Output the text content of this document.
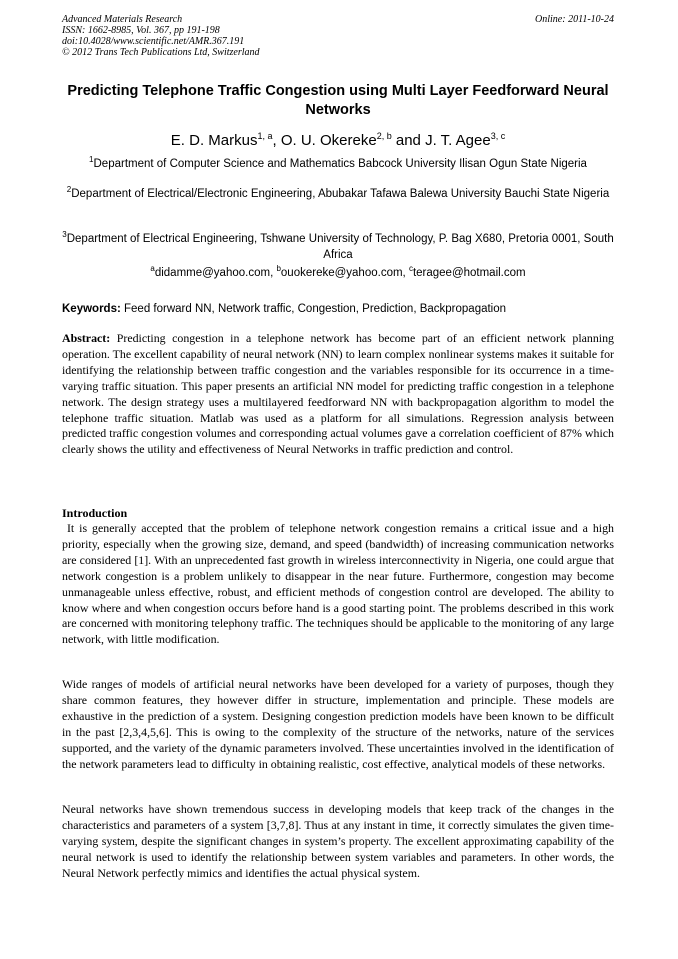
Advanced Materials Research
ISSN: 1662-8985, Vol. 367, pp 191-198
doi:10.4028/www.scientific.net/AMR.367.191
© 2012 Trans Tech Publications Ltd, Switzerland
Online: 2011-10-24
Predicting Telephone Traffic Congestion using Multi Layer Feedforward Neural Networks
E. D. Markus$^{1, a}$, O. U. Okereke$^{2, b}$ and J. T. Agee$^{3, c}$
$^1$Department of Computer Science and Mathematics Babcock University Ilisan Ogun State Nigeria
$^2$Department of Electrical/Electronic Engineering, Abubakar Tafawa Balewa University Bauchi State Nigeria
$^3$Department of Electrical Engineering, Tshwane University of Technology, P. Bag X680, Pretoria 0001, South Africa
$^a$didamme@yahoo.com, $^b$ouokereke@yahoo.com, $^c$teragee@hotmail.com
Keywords: Feed forward NN, Network traffic, Congestion, Prediction, Backpropagation
Abstract: Predicting congestion in a telephone network has become part of an efficient network planning operation. The excellent capability of neural network (NN) to learn complex nonlinear systems makes it suitable for identifying the relationship between traffic congestion and the variables responsible for its occurrence in a time-varying traffic situation. This paper presents an artificial NN model for predicting traffic congestion in a telephone network. The design strategy uses a multilayered feedforward NN with backpropagation algorithm to model the telephone traffic situation. Matlab was used as a platform for all simulations. Regression analysis between predicted traffic congestion volumes and corresponding actual volumes gave a correlation coefficient of 87% which clearly shows the utility and effectiveness of Neural Networks in traffic prediction and control.
Introduction
It is generally accepted that the problem of telephone network congestion remains a critical issue and a high priority, especially when the growing size, demand, and speed (bandwidth) of increasing communication networks are considered [1]. With an unprecedented fast growth in wireless interconnectivity in Nigeria, one could argue that network congestion is a problem unlikely to disappear in the near future. Furthermore, congestion may become unmanageable unless effective, robust, and efficient methods of congestion control are developed. The ability to know where and when congestion occurs before hand is a good starting point. The problems described in this work are concerned with monitoring telephony traffic. The techniques should be applicable to the monitoring of any large network, with little modification.
Wide ranges of models of artificial neural networks have been developed for a variety of purposes, though they share common features, they however differ in structure, implementation and principle. These models are exhaustive in the prediction of a system. Designing congestion prediction models have been known to be difficult in the past [2,3,4,5,6]. This is owing to the complexity of the structure of the networks, nature of the services supported, and the variety of the dynamic parameters involved. These uncertainties involved in the identification of the network parameters lead to difficulty in obtaining realistic, cost effective, analytical models of these networks.
Neural networks have shown tremendous success in developing models that keep track of the changes in the characteristics and parameters of a system [3,7,8]. Thus at any instant in time, it correctly simulates the given time-varying system, despite the significant changes in system’s property. The excellent approximating capability of the neural network is used to identify the relationship between system variables and parameters. In other words, the Neural Network perfectly mimics and identifies the actual physical system.
